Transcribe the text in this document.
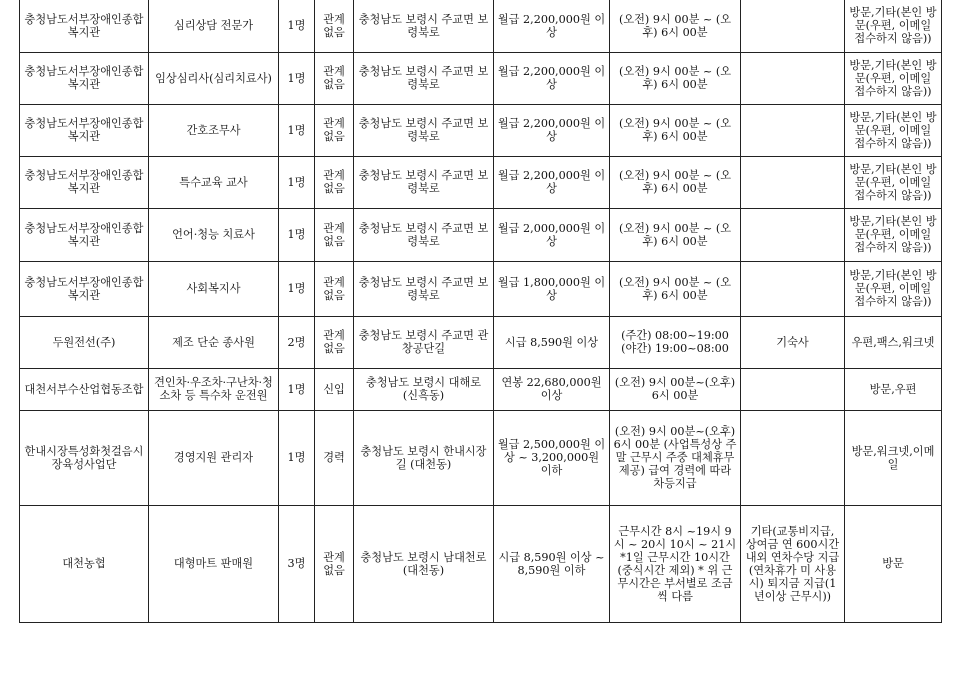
충청남도서부장애인종합복지관	심리상담 전문가	1명	관계없음	충청남도 보령시 주교면 보령북로	월급 2,200,000원 이상	(오전) 9시 00분 ~ (오후) 6시 00분		방문,기타(본인 방문(우편, 이메일 접수하지 않음))
충청남도서부장애인종합복지관	임상심리사(심리치료사)	1명	관계없음	충청남도 보령시 주교면 보령북로	월급 2,200,000원 이상	(오전) 9시 00분 ~ (오후) 6시 00분		방문,기타(본인 방문(우편, 이메일 접수하지 않음))
충청남도서부장애인종합복지관	간호조무사	1명	관계없음	충청남도 보령시 주교면 보령북로	월급 2,200,000원 이상	(오전) 9시 00분 ~ (오후) 6시 00분		방문,기타(본인 방문(우편, 이메일 접수하지 않음))
충청남도서부장애인종합복지관	특수교육 교사	1명	관계없음	충청남도 보령시 주교면 보령북로	월급 2,200,000원 이상	(오전) 9시 00분 ~ (오후) 6시 00분		방문,기타(본인 방문(우편, 이메일 접수하지 않음))
충청남도서부장애인종합복지관	언어·청능 치료사	1명	관계없음	충청남도 보령시 주교면 보령북로	월급 2,000,000원 이상	(오전) 9시 00분 ~ (오후) 6시 00분		방문,기타(본인 방문(우편, 이메일 접수하지 않음))
충청남도서부장애인종합복지관	사회복지사	1명	관계없음	충청남도 보령시 주교면 보령북로	월급 1,800,000원 이상	(오전) 9시 00분 ~ (오후) 6시 00분		방문,기타(본인 방문(우편, 이메일 접수하지 않음))
두원전선(주)	제조 단순 종사원	2명	관계없음	충청남도 보령시 주교면 관창공단길	시급 8,590원 이상	(주간) 08:00~19:00 (야간) 19:00~08:00	기숙사	우편,팩스,워크넷
대천서부수산업협동조합	견인차·우조차·구난차·청소차 등 특수차 운전원	1명	신입	충청남도 보령시 대해로 (신흑동)	연봉 22,680,000원 이상	(오전) 9시 00분~(오후) 6시 00분		방문,우편
한내시장특성화첫걸음시장육성사업단	경영지원 관리자	1명	경력	충청남도 보령시 한내시장길 (대천동)	월급 2,500,000원 이상 ~ 3,200,000원 이하	(오전) 9시 00분~(오후) 6시 00분 (사업특성상 주말 근무시 주중 대체휴무 제공) 급여 경력에 따라 차등지급		방문,워크넷,이메일
대천농협	대형마트 판매원	3명	관계없음	충청남도 보령시 남대천로 (대천동)	시급 8,590원 이상 ~ 8,590원 이하	근무시간 8시 ~19시 9시 ~ 20시 10시 ~ 21시 *1일 근무시간 10시간(중식시간 제외) * 위 근무시간은 부서별로 조금씩 다름	기타(교통비지급, 상여금 연 600시간 내외 연차수당 지급(연차휴가 미 사용시) 퇴지금 지급(1년이상 근무시))	방문
